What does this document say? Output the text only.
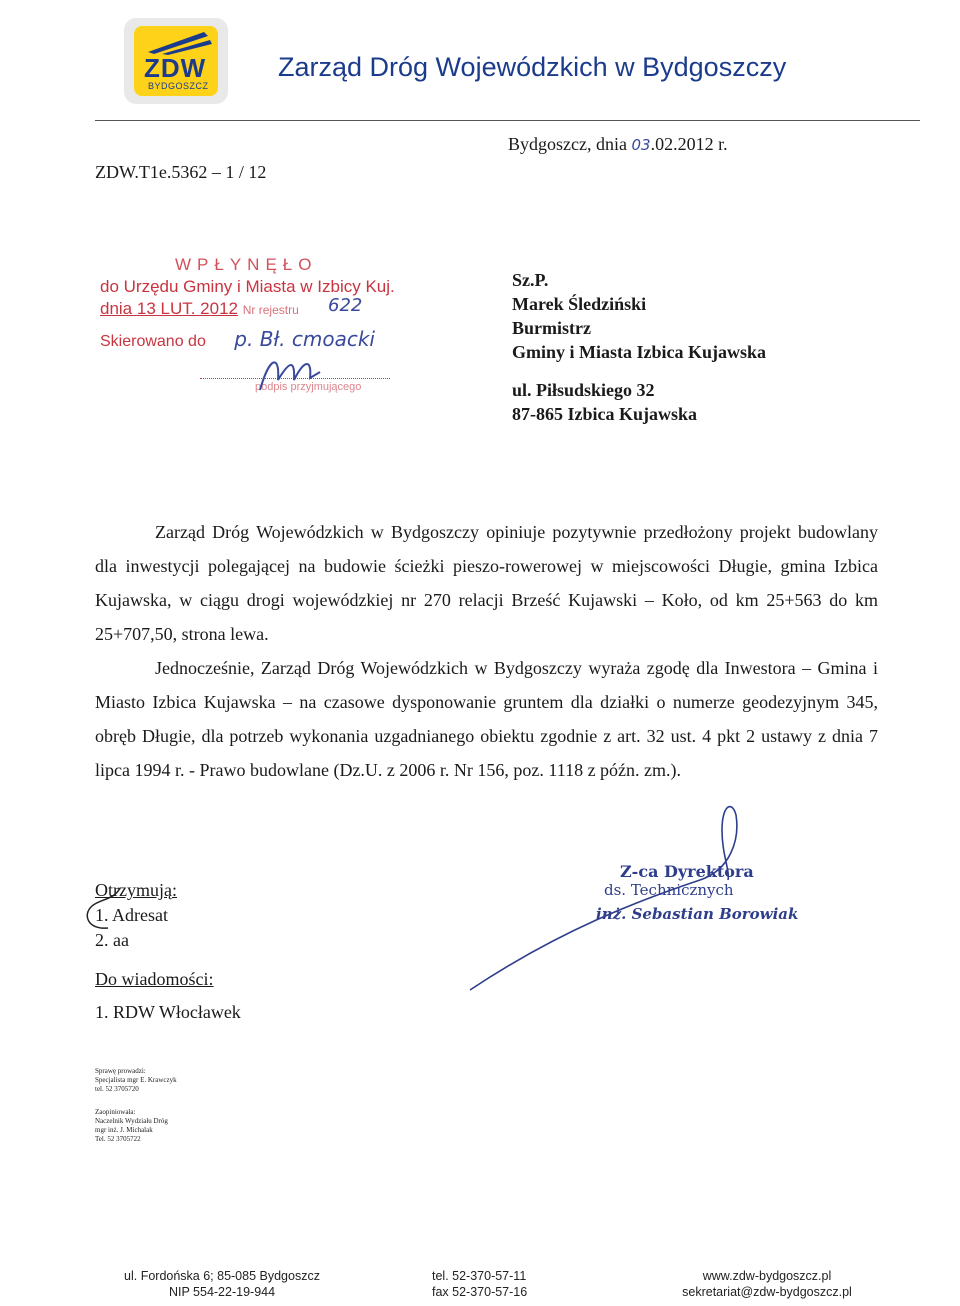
ZDW
BYDGOSZCZ
Zarząd Dróg Wojewódzkich w Bydgoszczy
Bydgoszcz, dnia 03.02.2012 r.
ZDW.T1e.5362 – 1 / 12
WPŁYNĘŁO
do Urzędu Gminy i Miasta w Izbicy Kuj.
dnia 13 LUT. 2012 Nr rejestru 622
Skierowano do p. Bł. cmoacki
podpis przyjmującego
Sz.P.
Marek Śledziński
Burmistrz
Gminy i Miasta Izbica Kujawska
ul. Piłsudskiego 32
87-865 Izbica Kujawska

Zarząd Dróg Wojewódzkich w Bydgoszczy opiniuje pozytywnie przedłożony projekt budowlany dla inwestycji polegającej na budowie ścieżki pieszo-rowerowej w miejscowości Długie, gmina Izbica Kujawska, w ciągu drogi wojewódzkiej nr 270 relacji Brześć Kujawski – Koło, od km 25+563 do km 25+707,50, strona lewa.

Jednocześnie, Zarząd Dróg Wojewódzkich w Bydgoszczy wyraża zgodę dla Inwestora – Gmina i Miasto Izbica Kujawska – na czasowe dysponowanie gruntem dla działki o numerze geodezyjnym 345, obręb Długie, dla potrzeb wykonania uzgadnianego obiektu zgodnie z art. 32 ust. 4 pkt 2 ustawy z dnia 7 lipca 1994 r. - Prawo budowlane (Dz.U. z 2006 r. Nr 156, poz. 1118 z późn. zm.).

Otrzymują:
1. Adresat
2. aa
Do wiadomości:
1. RDW Włocławek
Z-ca Dyrektora
ds. Technicznych
inż. Sebastian Borowiak
Sprawę prowadzi:
Specjalista mgr E. Krawczyk
tel. 52 3705720
Zaopiniowała:
Naczelnik Wydziału Dróg
mgr inż. J. Michalak
Tel. 52 3705722
ul. Fordońska 6; 85-085 Bydgoszcz
NIP 554-22-19-944
tel. 52-370-57-11
fax 52-370-57-16
www.zdw-bydgoszcz.pl
sekretariat@zdw-bydgoszcz.pl
